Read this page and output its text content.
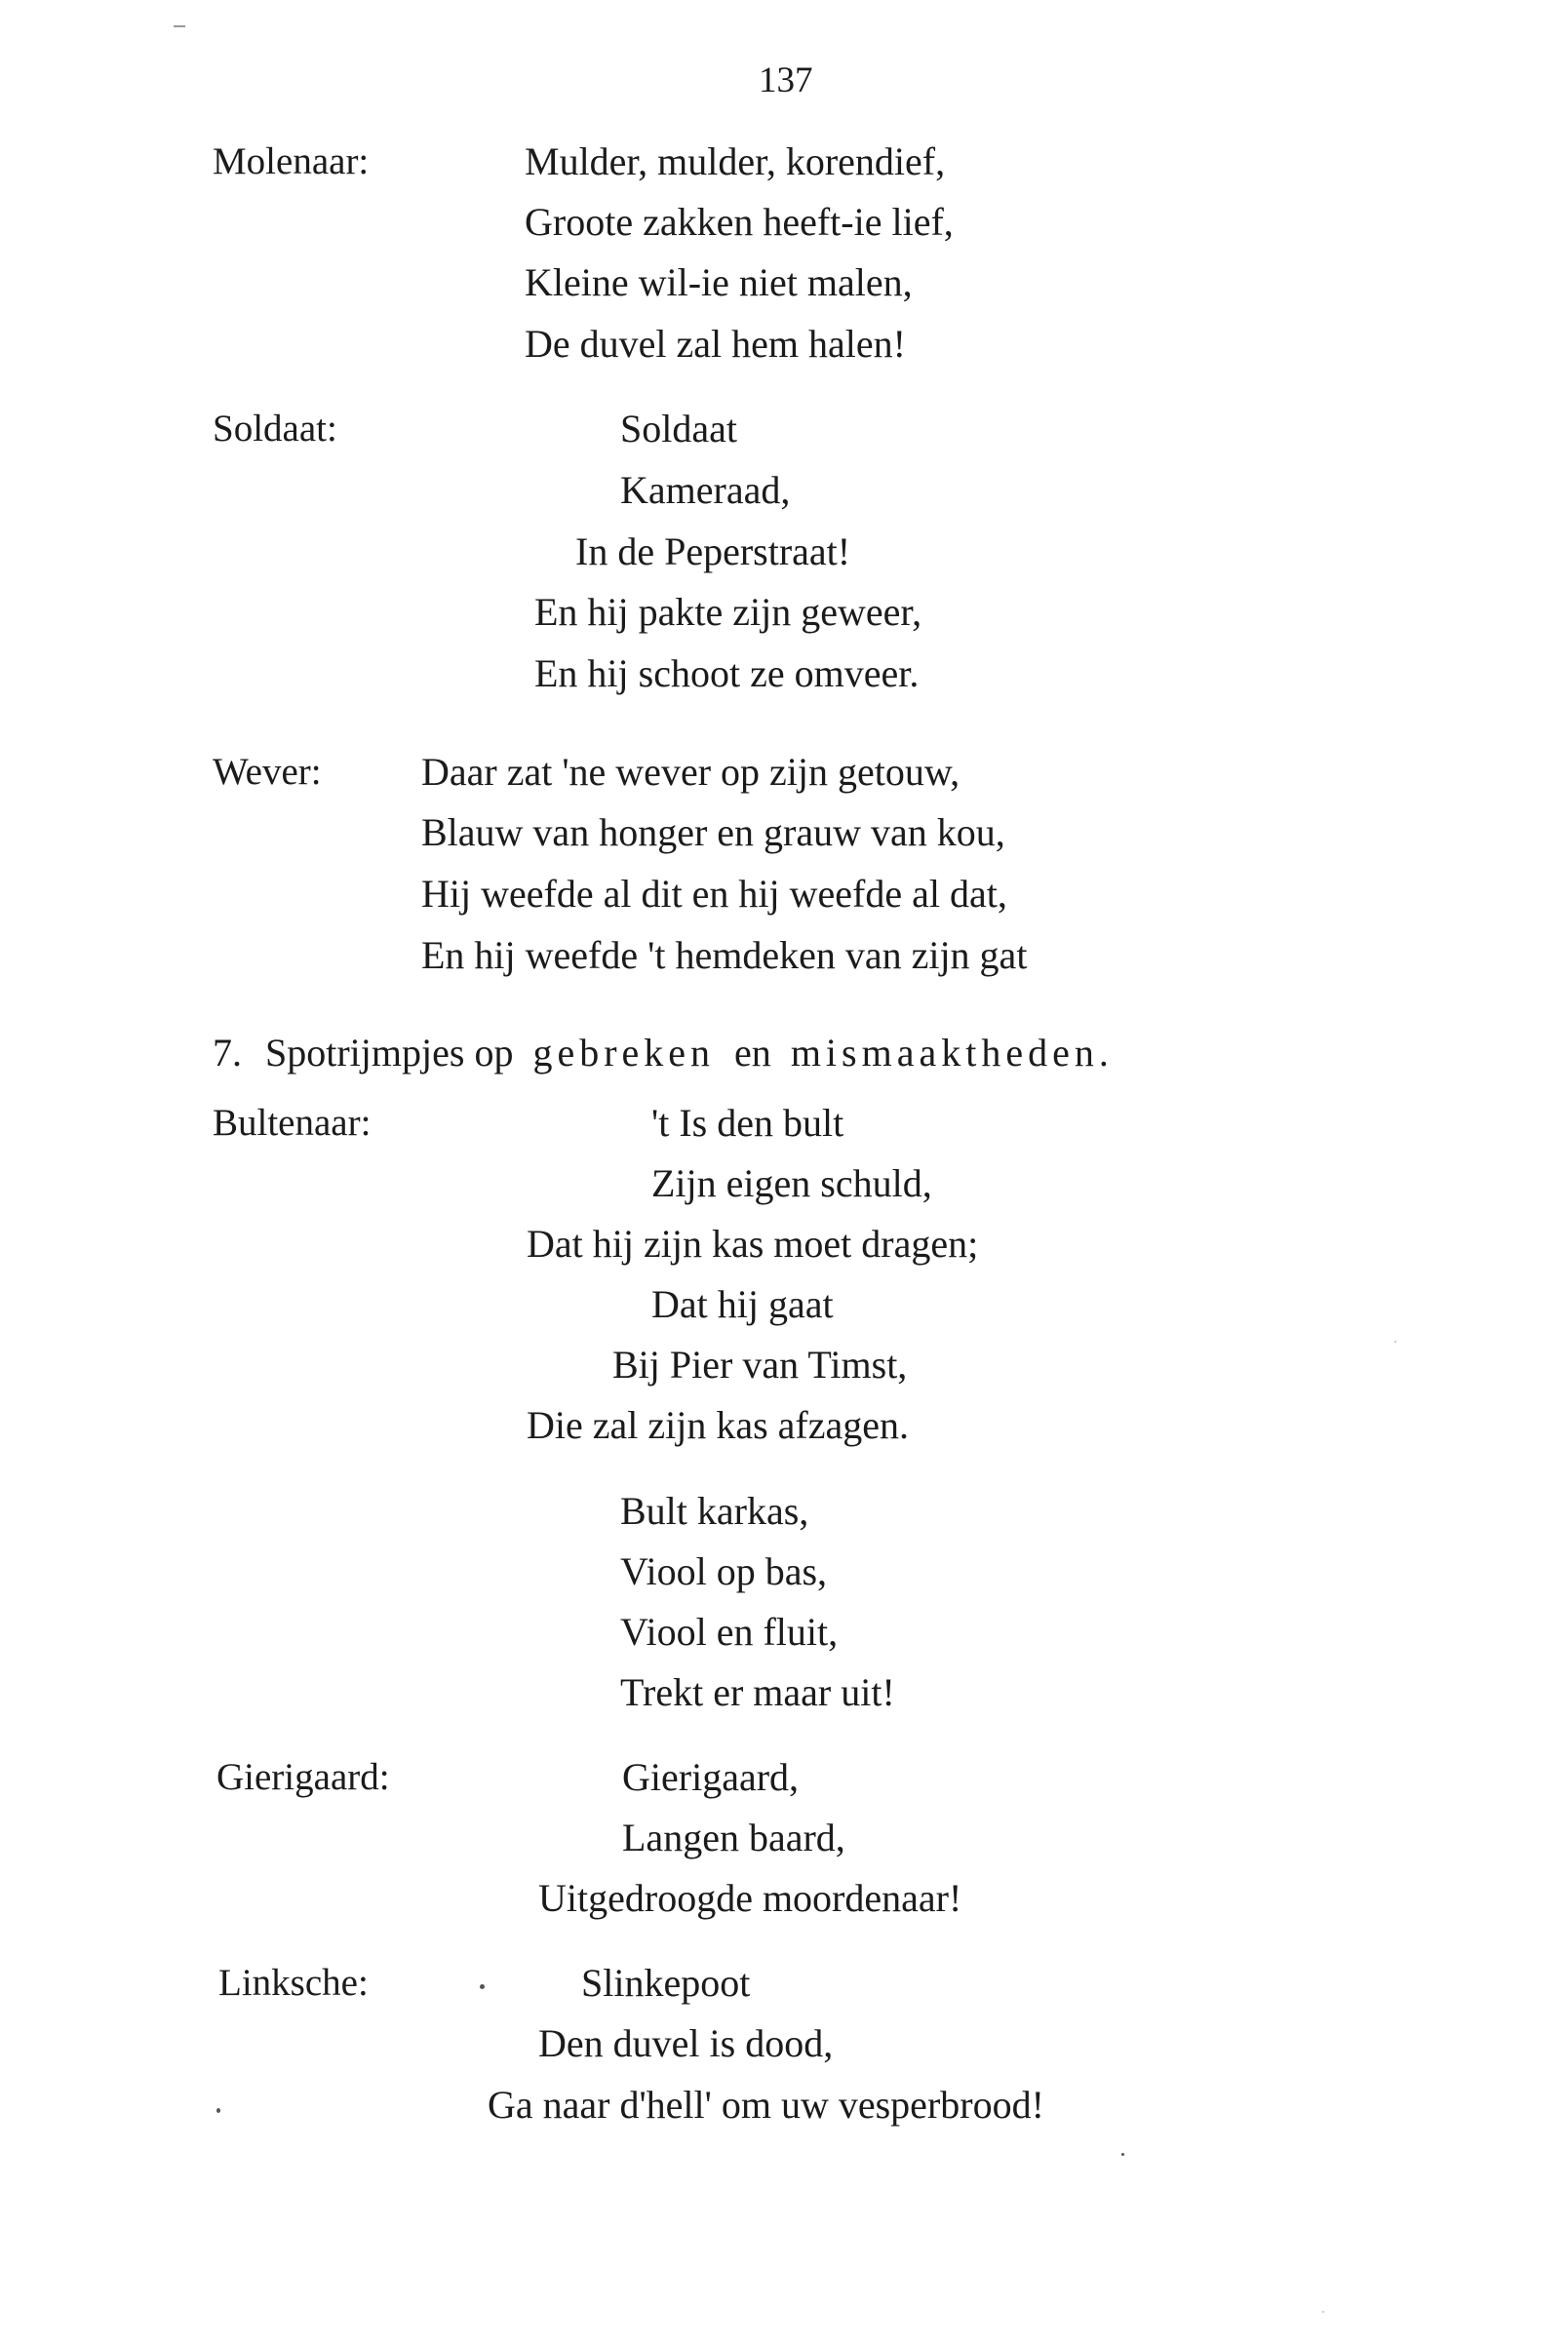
137
Molenaar:	Mulder, mulder, korendief,
Groote zakken heeft-ie lief,
Kleine wil-ie niet malen,
De duvel zal hem halen!
Soldaat:	Soldaat
Kameraad,
In de Peperstraat!
En hij pakte zijn geweer,
En hij schoot ze omveer.
Wever:	Daar zat 'ne wever op zijn getouw,
Blauw van honger en grauw van kou,
Hij weefde al dit en hij weefde al dat,
En hij weefde 't hemdeken van zijn gat
7. Spotrijmpjes op gebreken en mismaaktheden.
Bultenaar:	't Is den bult
Zijn eigen schuld,
Dat hij zijn kas moet dragen;
Dat hij gaat
Bij Pier van Timst,
Die zal zijn kas afzagen.
Bult karkas,
Viool op bas,
Viool en fluit,
Trekt er maar uit!
Gierigaard:	Gierigaard,
Langen baard,
Uitgedroogde moordenaar!
Linksche:	Slinkepoot
Den duvel is dood,
Ga naar d'hell' om uw vesperbrood!
